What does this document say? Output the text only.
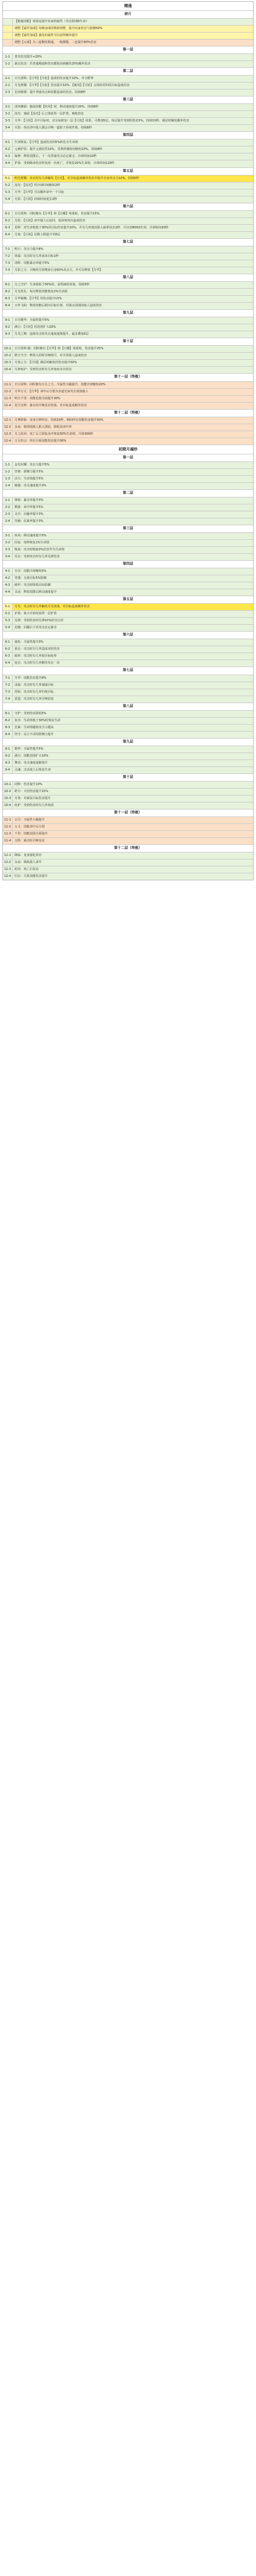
精通
碎片
【精通技能】效果是提升玩家的属性（攻击/防御/生命）
调整【属性加成】每级加成的数值调整，提升玩家伤害与防御50%
调整【属性加成】强化的属性可以获得额外提升
调整【元素】为三连顺发精通，一般都能，二连提升80%伤害
第一层
1-1	普攻伤害提升+20%
1-2	暴击伤害：若普通精通和伤害都较高则触发20%额外伤害
第二层
2-1	日月清辉：【月华】【月轮】造成的伤害提升10%，并且附带
2-2	月光照耀：【月华】【月轮】伤害提升10%，【使用】【月轮】会同时对四周目标造成伤害
2-3	星河璀璨：提升普通攻击和技能造成的伤害，持续8秒
第三层
3-1	清风拂面：施展技能【疾风】时，移动速度提升20%，持续8秒
3-2	流光：施展【流光】后立即获得一层护盾，吸收伤害
3-3	月华：【月轮】击中目标时，对目标附加一层【月蚀】效果，可叠加5层，每层提升受到的伤害5%，持续10秒，满层时触发额外伤害
3-4	月影：每次命中敌人都会召唤一道影子协同作战，持续6秒
第四层
4-1	生命恢复：【月华】造成伤害的5%转化为生命值
4-2	元素护佑：提升元素抗性10%，受到控制时间缩短20%，持续8秒
4-3	凝神：释放技能后，下一次普通攻击必定暴击，冷却时间10秒
4-4	护体：受到致命伤害时免疫一次死亡，并恢复20%生命值，冷却时间120秒
第五层
5-1	明光照耀：攻击时有几率触发【月光】，对目标造成额外伤害并提升自身攻击力10%，持续5秒
5-2	流光：【流光】的冷却时间缩短2秒
5-3	月华：【月华】可以额外命中一个目标
5-4	月影：【月影】持续时间延长2秒
第六层
6-1	日月同辉：同时拥有【月华】和【日耀】效果时，伤害提升15%
6-2	月轮：【月轮】命中敌人后返回，返回时再次造成伤害
6-3	星辉：对生命值低于30%的目标伤害提升20%，并有几率使其陷入眩晕状态2秒，可以对BOSS生效，冷却时间30秒
6-4	月蚀：【月蚀】层数上限提升至8层
第七层
7-1	明月：攻击力提升8%
7-2	寒霜：攻击时有几率冰冻目标1秒
7-3	清辉：技能暴击率提升5%
7-4	月影之力：召唤的月影继承自身50%攻击力，并可以释放【月华】
第八层
8-1	月之守护：生命值低于50%时，获得减伤效果，持续5秒
8-2	月光洗礼：每次释放技能恢复2%生命值
8-3	月华凝聚：【月华】的伤害提升15%
8-4	天外飞仙：释放技能后跃向目标位置，对落点周围的敌人造成伤害
第九层
9-1	日月精华：全属性提升5%
9-2	满月：【月轮】的范围扩大20%
9-3	月光之舞：连续攻击时攻击速度逐渐提升，最多叠加5层
第十层
10-1	日月同辉·极：同时拥有【月华】和【日耀】效果时，伤害提升25%
10-2	皓月当空：释放大招时召唤明月，对全屏敌人造成伤害
10-3	月蚀之力：【月蚀】满层时触发的伤害提升50%
10-4	月神庇护：受到伤害时有几率免疫本次伤害
第十一层（终极）
11-1	日月同辉：同时拥有日月之力，全属性大幅提升，技能冷却缩短20%
11-2	月华万丈：【月华】命中后分裂为多道光束攻击周围敌人
11-3	明月千里：技能范围全面提升30%
11-4	星月交辉：暴击时召唤星辰坠落，对目标造成额外伤害
第十二层（终极）
12-1	月神降临：变身月神形态，持续15秒，期间所有技能伤害提升50%
12-2	永夜：使周围敌人陷入黑暗，降低其命中率
12-3	月之轮回：死亡后立即复活并恢复50%生命值，冷却300秒
12-4	万月归宗：所有月系技能伤害提升30%
初期月魂珍
第一层
1-1	金光闪耀：攻击力提升5%
1-2	坚韧：防御力提升5%
1-3	活力：生命值提升5%
1-4	敏捷：攻击速度提升3%
第二层
2-1	锋锐：暴击率提升3%
2-2	精准：命中率提升5%
2-3	灵巧：闪避率提升3%
2-4	坚毅：抗暴率提升3%
第三层
3-1	疾风：移动速度提升5%
3-2	回复：每秒恢复1%生命值
3-3	吸血：攻击时吸取3%伤害作为生命值
3-4	反击：受到攻击时有几率反弹伤害
第四层
4-1	专注：技能冷却缩短5%
4-2	穿透：无视目标5%防御
4-3	破甲：攻击时降低目标防御
4-4	灵动：释放技能后移动速度提升
第五层
5-1	月光：攻击时有几率触发月光效果，对目标造成额外伤害
5-2	护盾：战斗开始时获得一层护盾
5-3	反弹：受到伤害时反弹10%给攻击者
5-4	迅捷：闪避后下次攻击必定暴击
第六层
6-1	强化：全属性提升3%
6-2	重击：攻击时有几率造成双倍伤害
6-3	眩晕：攻击时有几率使目标眩晕
6-4	连击：攻击时有几率额外攻击一次
第七层
7-1	月华：技能伤害提升8%
7-2	冰霜：攻击时有几率减速目标
7-3	烈焰：攻击时有几率灼烧目标
7-4	雷霆：攻击时有几率召唤雷电
第八层
8-1	守护：受到伤害降低5%
8-2	复苏：生命值低于30%时恢复生命
8-3	狂暴：生命值越低攻击力越高
8-4	坚守：站立不动时防御力提升
第九层
9-1	精华：全属性提升5%
9-2	满月：技能范围扩大10%
9-3	舞动：攻击速度逐渐提升
9-4	灵魂：击杀敌人后恢复生命
第十层
10-1	同辉：伤害提升10%
10-2	皓月：大招伤害提升15%
10-3	月蚀：对减益目标伤害提升
10-4	庇护：受到伤害时有几率免疫
第十一层（终极）
11-1	日月：全属性大幅提升
11-2	万丈：技能命中后分裂
11-3	千里：技能范围全面提升
11-4	交辉：暴击时召唤星辰
第十二层（终极）
12-1	降临：变身强化形态
12-2	永夜：降低敌人命中
12-3	轮回：死亡后复活
12-4	归宗：月系技能伤害提升
